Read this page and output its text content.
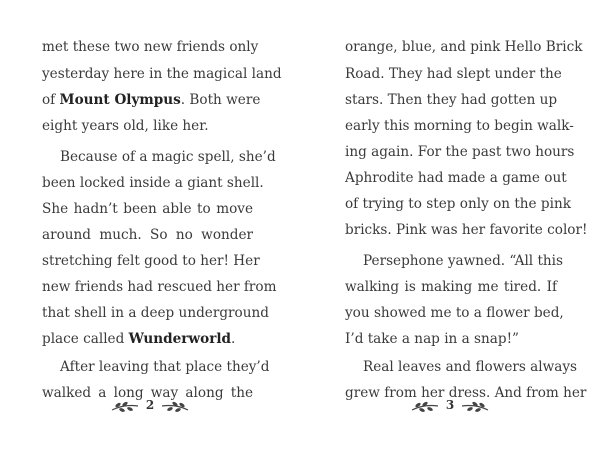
met these two new friends only
yesterday here in the magical land
of Mount Olympus. Both were
eight years old, like her.
Because of a magic spell, she’d
been locked inside a giant shell.
She hadn’t been able to move
around much. So no wonder
stretching felt good to her! Her
new friends had rescued her from
that shell in a deep underground
place called Wunderworld.
After leaving that place they’d
2
orange, blue, and pink Hello Brick
Road. They had slept under the
stars. Then they had gotten up
early this morning to begin walk-
ing again. For the past two hours
Aphrodite had made a game out
of trying to step only on the pink
bricks. Pink was her favorite color!
Persephone yawned. “All this
walking is making me tired. If
you showed me to a flower bed,
I’d take a nap in a snap!”
Real leaves and flowers always
3
walked a long way along the	grew from her dress. And from her
